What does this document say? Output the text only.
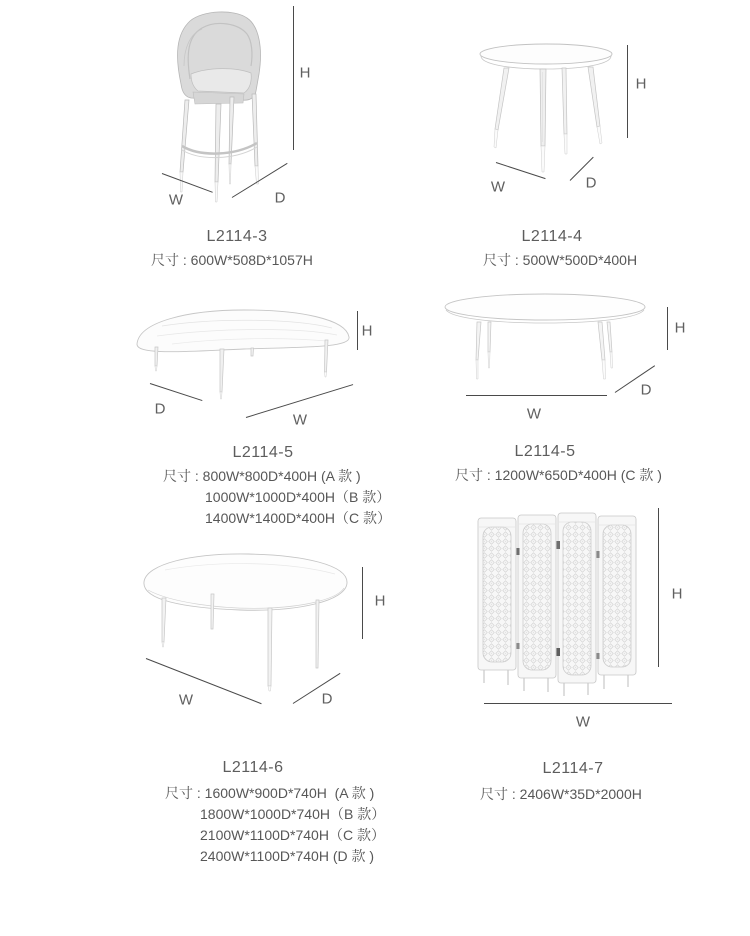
H
W	D
L2114-3
尺寸 : 600W*508D*1057H
H
W	D
L2114-4
尺寸 : 500W*500D*400H
H
D
W
L2114-5
尺寸 : 800W*800D*400H (A 款 )
1000W*1000D*400H（B 款）
1400W*1400D*400H（C 款）
H
W
D
L2114-5
尺寸 : 1200W*650D*400H (C 款 )
H
W	D
L2114-6
尺寸 : 1600W*900D*740H  (A 款 )
1800W*1000D*740H（B 款）
2100W*1100D*740H（C 款）
2400W*1100D*740H (D 款 )
H
W
L2114-7
尺寸 : 2406W*35D*2000H
